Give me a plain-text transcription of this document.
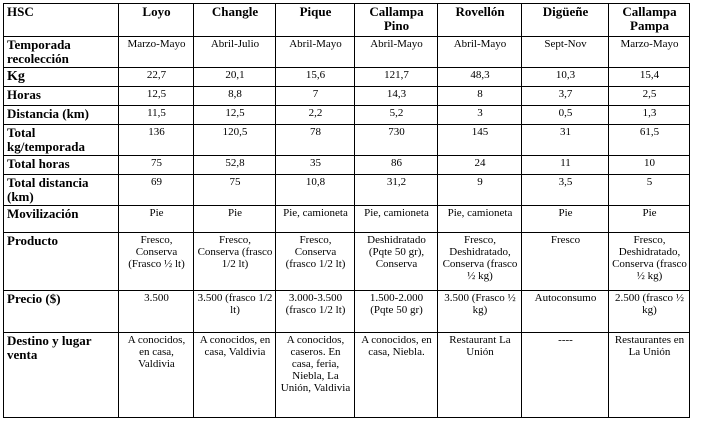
HSC	Loyo	Changle	Pique	Callampa Pino	Rovellón	Digüeñe	Callampa Pampa
Temporada recolección	Marzo-Mayo	Abril-Julio	Abril-Mayo	Abril-Mayo	Abril-Mayo	Sept-Nov	Marzo-Mayo
Kg	22,7	20,1	15,6	121,7	48,3	10,3	15,4
Horas	12,5	8,8	7	14,3	8	3,7	2,5
Distancia (km)	11,5	12,5	2,2	5,2	3	0,5	1,3
Total kg/temporada	136	120,5	78	730	145	31	61,5
Total horas	75	52,8	35	86	24	11	10
Total distancia (km)	69	75	10,8	31,2	9	3,5	5
Movilización	Pie	Pie	Pie, camioneta	Pie, camioneta	Pie, camioneta	Pie	Pie
Producto	Fresco, Conserva (Frasco ½ lt)	Fresco, Conserva (frasco 1/2 lt)	Fresco, Conserva (frasco 1/2 lt)	Deshidratado (Pqte 50 gr), Conserva	Fresco, Deshidratado, Conserva (frasco ½ kg)	Fresco	Fresco, Deshidratado, Conserva (frasco ½ kg)
Precio ($)	3.500	3.500 (frasco 1/2 lt)	3.000-3.500 (frasco 1/2 lt)	1.500-2.000 (Pqte 50 gr)	3.500 (Frasco ½ kg)	Autoconsumo	2.500 (frasco ½ kg)
Destino y lugar venta	A conocidos, en casa, Valdivia	A conocidos, en casa, Valdivia	A conocidos, caseros. En casa, feria, Niebla, La Unión, Valdivia	A conocidos, en casa, Niebla.	Restaurant La Unión	----	Restaurantes en La Unión
